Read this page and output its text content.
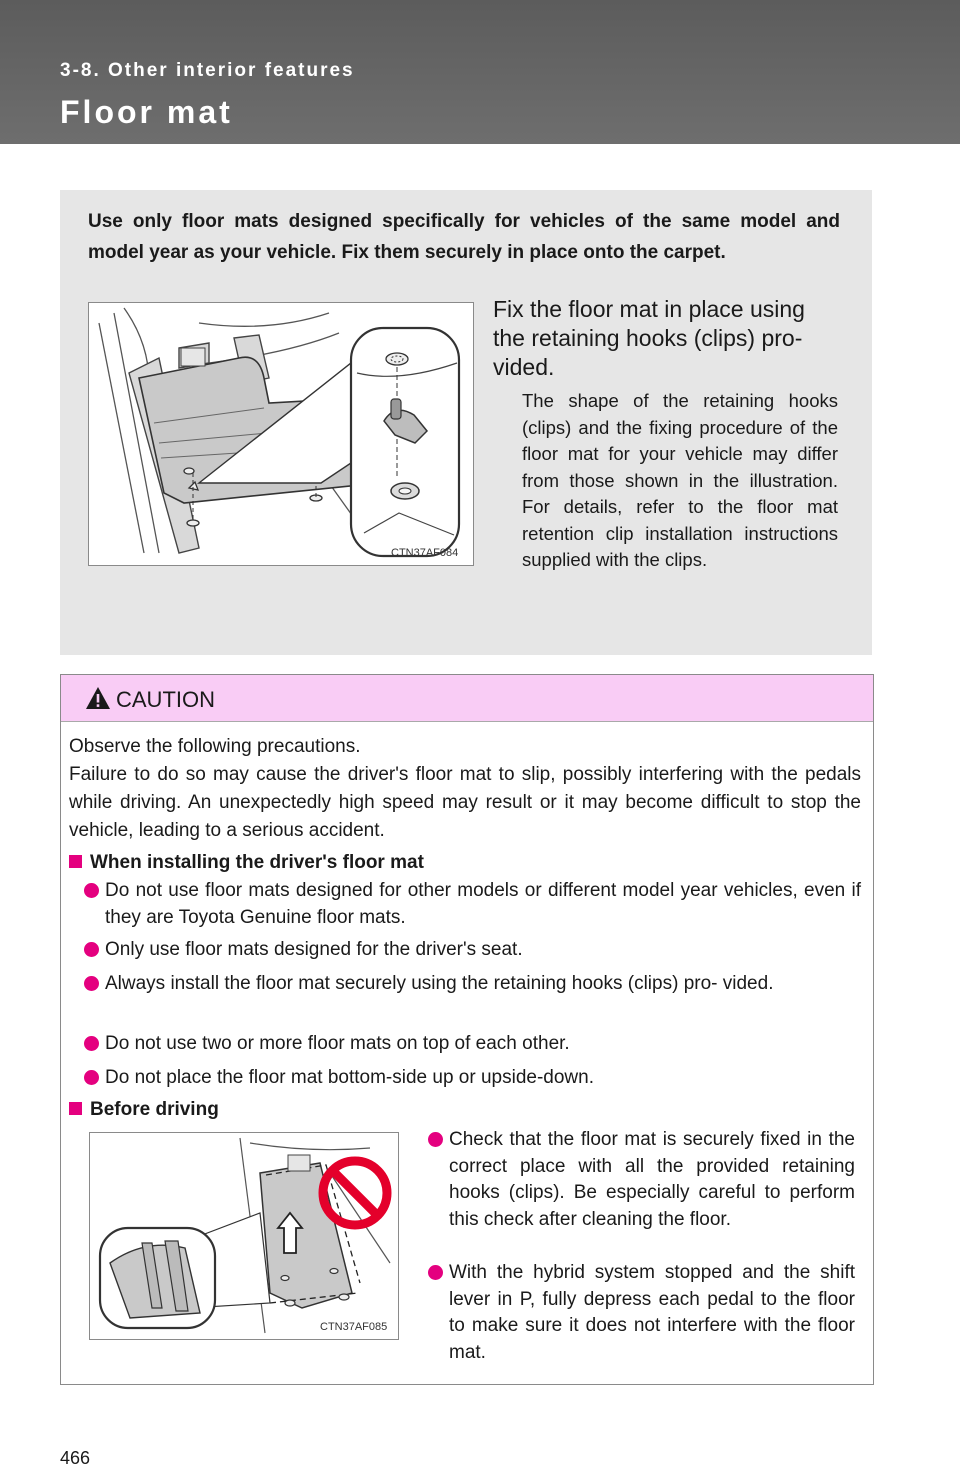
3-8. Other interior features
Floor mat
Use only floor mats designed specifically for vehicles of the same model and model year as your vehicle. Fix them securely in place onto the carpet.
CTN37AF084
Fix the floor mat in place using the retaining hooks (clips) pro- vided.
The shape of the retaining hooks (clips) and the fixing procedure of the floor mat for your vehicle may differ from those shown in the illustration. For details, refer to the floor mat retention clip installation instructions supplied with the clips.
CAUTION
Observe the following precautions.
Failure to do so may cause the driver's floor mat to slip, possibly interfering with the pedals while driving. An unexpectedly high speed may result or it may become difficult to stop the vehicle, leading to a serious accident.
When installing the driver's floor mat
Do not use floor mats designed for other models or different model year vehicles, even if they are Toyota Genuine floor mats.
Only use floor mats designed for the driver's seat.
Always install the floor mat securely using the retaining hooks (clips) pro- vided.
Do not use two or more floor mats on top of each other.
Do not place the floor mat bottom-side up or upside-down.
Before driving
CTN37AF085
Check that the floor mat is securely fixed in the correct place with all the provided retaining hooks (clips). Be especially careful to perform this check after cleaning the floor.
With the hybrid system stopped and the shift lever in P, fully depress each pedal to the floor to make sure it does not interfere with the floor mat.
466
